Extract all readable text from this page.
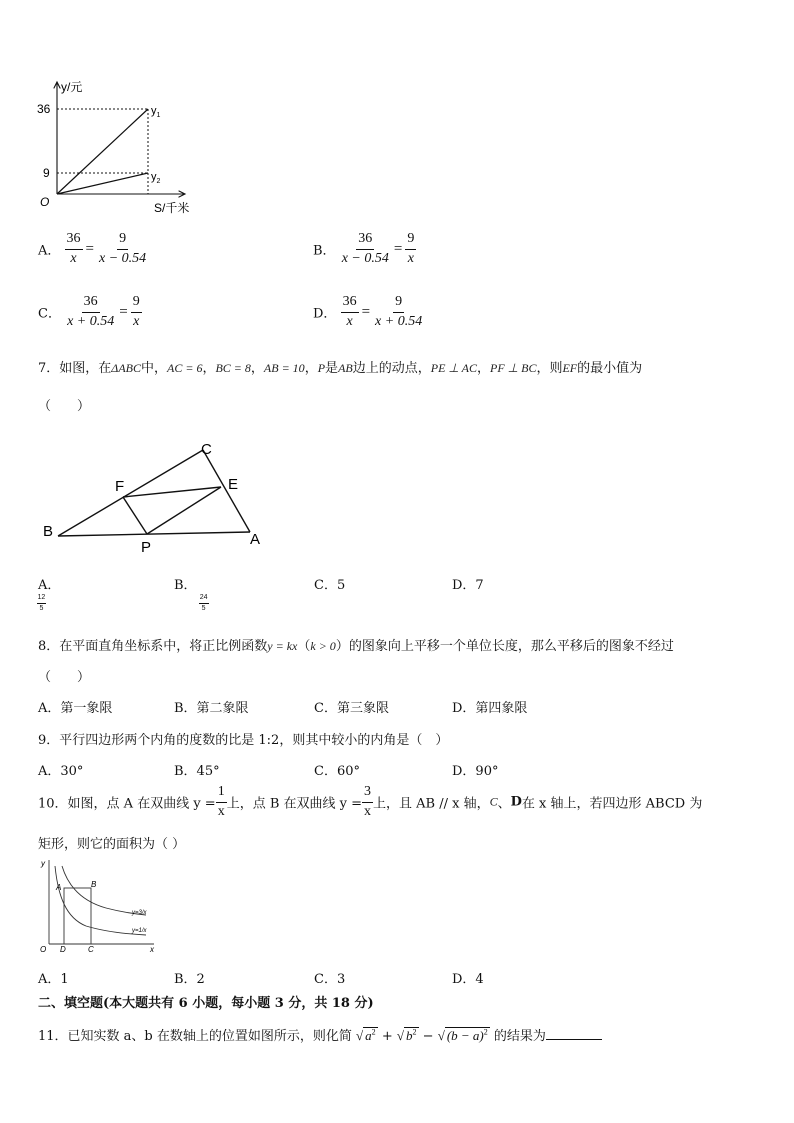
y/元
36
9
O	S/千米
$y_1$
$y_2$
A． $\frac{36}{x} = \frac{9}{x - 0.54}$	B． $\frac{36}{x - 0.54} = \frac{9}{x}$
C． $\frac{36}{x + 0.54} = \frac{9}{x}$	D． $\frac{36}{x} = \frac{9}{x + 0.54}$
7．如图，在ΔABC中，AC = 6，BC = 8，AB = 10，P是AB边上的动点，PE ⊥ AC，PF ⊥ BC，则EF的最小值为
（　　）
C
F	E
B
P	A
A．
$\frac{12}{5}$
B．
$\frac{24}{5}$
C．5	D．7
8．在平面直角坐标系中，将正比例函数y = kx（k > 0）的图象向上平移一个单位长度，那么平移后的图象不经过
（　　）
A．第一象限	B．第二象限	C．第三象限	D．第四象限
9．平行四边形两个内角的度数的比是 1:2，则其中较小的内角是（　）
A．30°	B．45°	C．60°	D．90°
10．如图，点 A 在双曲线 $y = \frac{1}{x}$ 上，点 B 在双曲线 $y = \frac{3}{x}$ 上，且 AB // x 轴，C、D在 x 轴上，若四边形 ABCD 为
矩形，则它的面积为（ ）
y
x
O D	C
A	B
y=3/x
y=1/x
A．1	B．2	C．3	D．4
二、填空题(本大题共有 6 小题，每小题 3 分，共 18 分)
11．已知实数 a、b 在数轴上的位置如图所示，则化简 √ $a^2$ + √ $b^2$ − √ $(b - a)^2$ 的结果为
